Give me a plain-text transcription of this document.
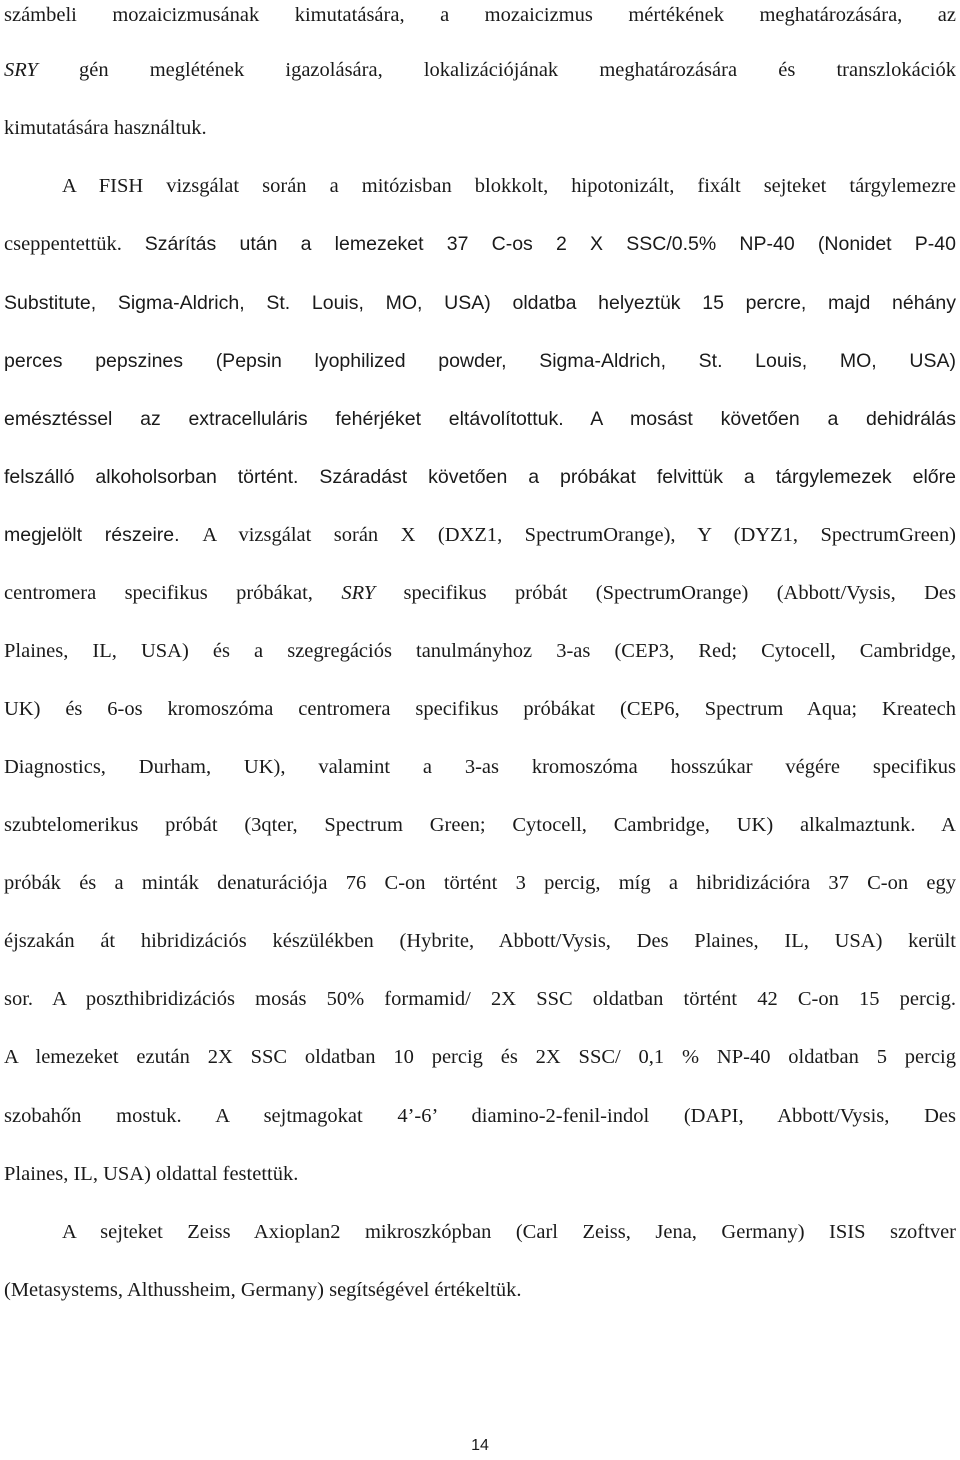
számbeli mozaicizmusának kimutatására, a mozaicizmus mértékének meghatározására, az
SRY gén meglétének igazolására, lokalizációjának meghatározására és transzlokációk
kimutatására használtuk.
A FISH vizsgálat során a mitózisban blokkolt, hipotonizált, fixált sejteket tárgylemezre
cseppentettük. Szárítás után a lemezeket 37 C-os 2 X SSC/0.5% NP-40 (Nonidet P-40
Substitute, Sigma-Aldrich, St. Louis, MO, USA) oldatba helyeztük 15 percre, majd néhány
perces pepszines (Pepsin lyophilized powder, Sigma-Aldrich, St. Louis, MO, USA)
emésztéssel az extracelluláris fehérjéket eltávolítottuk. A mosást követően a dehidrálás
felszálló alkoholsorban történt. Száradást követően a próbákat felvittük a tárgylemezek előre
megjelölt részeire. A vizsgálat során X (DXZ1, SpectrumOrange), Y (DYZ1, SpectrumGreen)
centromera specifikus próbákat, SRY specifikus próbát (SpectrumOrange) (Abbott/Vysis, Des
Plaines, IL, USA) és a szegregációs tanulmányhoz 3-as (CEP3, Red; Cytocell, Cambridge,
UK) és 6-os kromoszóma centromera specifikus próbákat (CEP6, Spectrum Aqua; Kreatech
Diagnostics, Durham, UK), valamint a 3-as kromoszóma hosszúkar végére specifikus
szubtelomerikus próbát (3qter, Spectrum Green; Cytocell, Cambridge, UK) alkalmaztunk. A
próbák és a minták denaturációja 76 C-on történt 3 percig, míg a hibridizációra 37 C-on egy
éjszakán át hibridizációs készülékben (Hybrite, Abbott/Vysis, Des Plaines, IL, USA) került
sor. A poszthibridizációs mosás 50% formamid/ 2X SSC oldatban történt 42 C-on 15 percig.
A lemezeket ezután 2X SSC oldatban 10 percig és 2X SSC/ 0,1 % NP-40 oldatban 5 percig
szobahőn mostuk. A sejtmagokat 4’-6’ diamino-2-fenil-indol (DAPI, Abbott/Vysis, Des
Plaines, IL, USA) oldattal festettük.
A sejteket Zeiss Axioplan2 mikroszkópban (Carl Zeiss, Jena, Germany) ISIS szoftver
(Metasystems, Althussheim, Germany) segítségével értékeltük.
14
